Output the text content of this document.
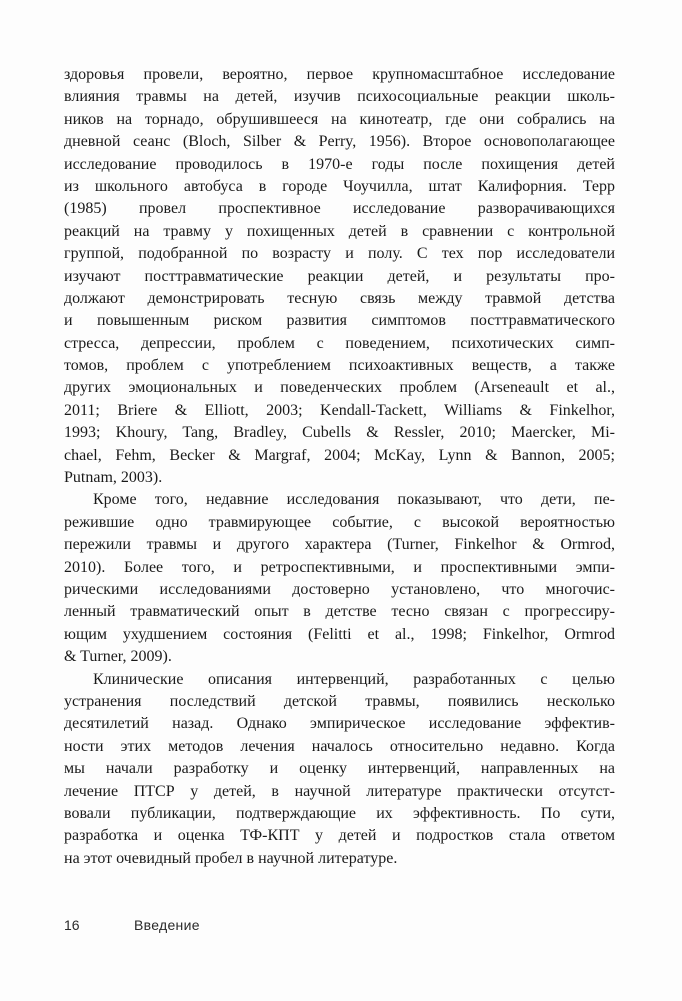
здоровья провели, вероятно, первое крупномасштабное исследование
влияния травмы на детей, изучив психосоциальные реакции школь-
ников на торнадо, обрушившееся на кинотеатр, где они собрались на
дневной сеанс (Bloch, Silber & Perry, 1956). Второе основополагающее
исследование проводилось в 1970-е годы после похищения детей
из школьного автобуса в городе Чоучилла, штат Калифорния. Терр
(1985) провел проспективное исследование разворачивающихся
реакций на травму у похищенных детей в сравнении с контрольной
группой, подобранной по возрасту и полу. С тех пор исследователи
изучают посттравматические реакции детей, и результаты про-
должают демонстрировать тесную связь между травмой детства
и повышенным риском развития симптомов посттравматического
стресса, депрессии, проблем с поведением, психотических симп-
томов, проблем с употреблением психоактивных веществ, а также
других эмоциональных и поведенческих проблем (Arseneault et al.,
2011; Briere & Elliott, 2003; Kendall-Tackett, Williams & Finkelhor,
1993; Khoury, Tang, Bradley, Cubells & Ressler, 2010; Maercker, Mi-
chael, Fehm, Becker & Margraf, 2004; McKay, Lynn & Bannon, 2005;
Putnam, 2003).
Кроме того, недавние исследования показывают, что дети, пе-
режившие одно травмирующее событие, с высокой вероятностью
пережили травмы и другого характера (Turner, Finkelhor & Ormrod,
2010). Более того, и ретроспективными, и проспективными эмпи-
рическими исследованиями достоверно установлено, что многочис-
ленный травматический опыт в детстве тесно связан с прогрессиру-
ющим ухудшением состояния (Felitti et al., 1998; Finkelhor, Ormrod
& Turner, 2009).
Клинические описания интервенций, разработанных с целью
устранения последствий детской травмы, появились несколько
десятилетий назад. Однако эмпирическое исследование эффектив-
ности этих методов лечения началось относительно недавно. Когда
мы начали разработку и оценку интервенций, направленных на
лечение ПТСР у детей, в научной литературе практически отсутст-
вовали публикации, подтверждающие их эффективность. По сути,
разработка и оценка ТФ-КПТ у детей и подростков стала ответом
на этот очевидный пробел в научной литературе.
16	Введение
